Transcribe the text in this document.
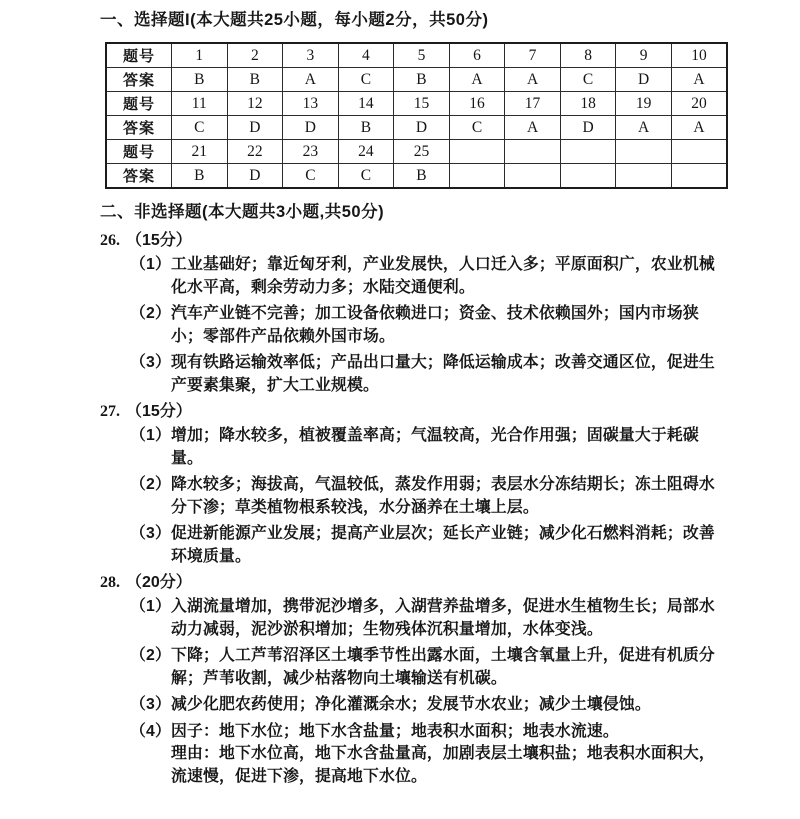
一、选择题I(本大题共25小题，每小题2分，共50分)

题号	1	2	3	4	5	6	7	8	9	10
答案	B	B	A	C	B	A	A	C	D	A
题号	11	12	13	14	15	16	17	18	19	20
答案	C	D	D	B	D	C	A	D	A	A
题号	21	22	23	24	25					
答案	B	D	C	C	B					

二、非选择题(本大题共3小题,共50分)

26. （15分）
（1） 工业基础好；靠近匈牙利，产业发展快，人口迁入多；平原面积广，农业机械化水平高，剩余劳动力多；水陆交通便利。

（2） 汽车产业链不完善；加工设备依赖进口；资金、技术依赖国外；国内市场狭小；零部件产品依赖外国市场。

（3） 现有铁路运输效率低；产品出口量大；降低运输成本；改善交通区位，促进生产要素集聚，扩大工业规模。

27. （15分）
（1） 增加；降水较多，植被覆盖率高；气温较高，光合作用强；固碳量大于耗碳量。

（2） 降水较多；海拔高，气温较低，蒸发作用弱；表层水分冻结期长；冻土阻碍水分下渗；草类植物根系较浅，水分涵养在土壤上层。

（3） 促进新能源产业发展；提高产业层次；延长产业链；减少化石燃料消耗；改善环境质量。

28. （20分）
（1） 入湖流量增加，携带泥沙增多，入湖营养盐增多，促进水生植物生长；局部水动力减弱，泥沙淤积增加；生物残体沉积量增加，水体变浅。

（2） 下降；人工芦苇沼泽区土壤季节性出露水面，土壤含氧量上升，促进有机质分解；芦苇收割，减少枯落物向土壤输送有机碳。

（3） 减少化肥农药使用；净化灌溉余水；发展节水农业；减少土壤侵蚀。

（4） 因子：地下水位；地下水含盐量；地表积水面积；地表水流速。

理由：地下水位高，地下水含盐量高，加剧表层土壤积盐；地表积水面积大，流速慢，促进下渗，提高地下水位。
